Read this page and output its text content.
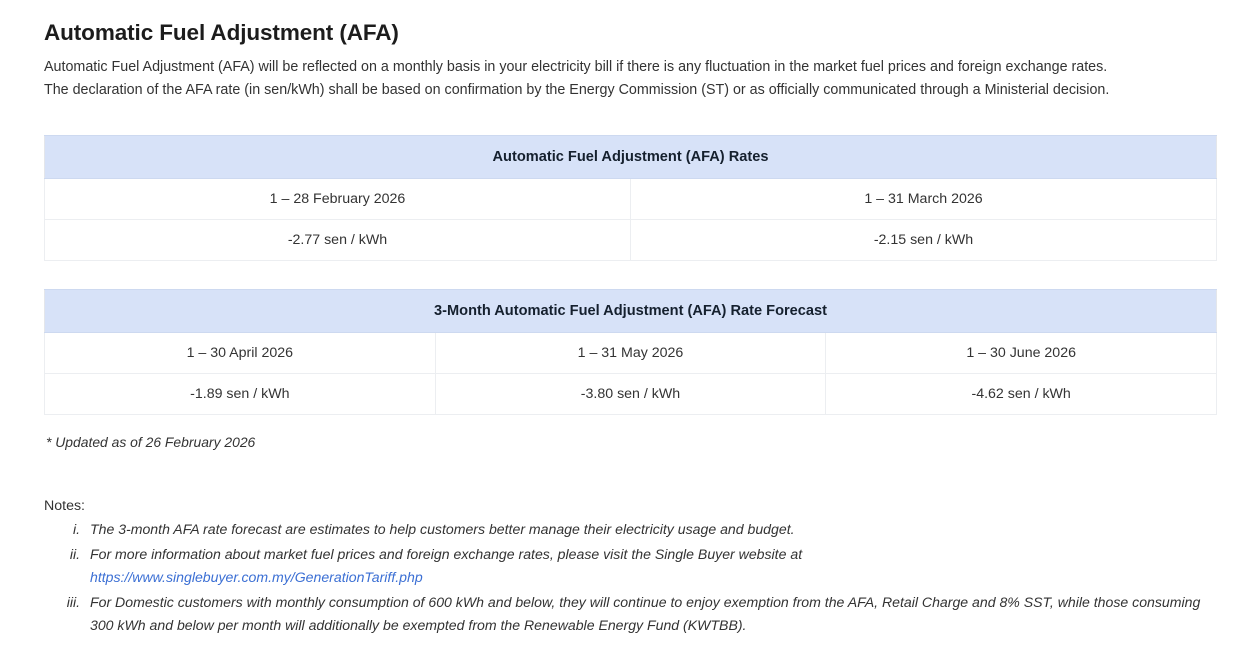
Automatic Fuel Adjustment (AFA)

Automatic Fuel Adjustment (AFA) will be reflected on a monthly basis in your electricity bill if there is any fluctuation in the market fuel prices and foreign exchange rates.
The declaration of the AFA rate (in sen/kWh) shall be based on confirmation by the Energy Commission (ST) or as officially communicated through a Ministerial decision.

Automatic Fuel Adjustment (AFA) Rates	
1 – 28 February 2026	1 – 31 March 2026
-2.77 sen / kWh	-2.15 sen / kWh
3-Month Automatic Fuel Adjustment (AFA) Rate Forecast		
1 – 30 April 2026	1 – 31 May 2026	1 – 30 June 2026
-1.89 sen / kWh	-3.80 sen / kWh	-4.62 sen / kWh
* Updated as of 26 February 2026
Notes:
i. The 3-month AFA rate forecast are estimates to help customers better manage their electricity usage and budget.
ii. For more information about market fuel prices and foreign exchange rates, please visit the Single Buyer website at
https://www.singlebuyer.com.my/GenerationTariff.php
iii. For Domestic customers with monthly consumption of 600 kWh and below, they will continue to enjoy exemption from the AFA, Retail Charge and 8% SST, while those consuming 300 kWh and below per month will additionally be exempted from the Renewable Energy Fund (KWTBB).
